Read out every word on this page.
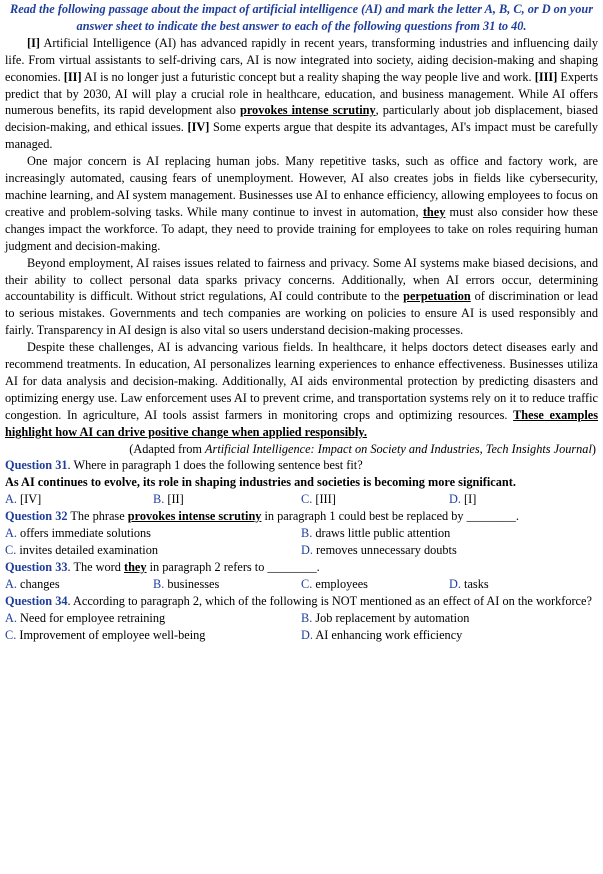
Read the following passage about the impact of artificial intelligence (AI) and mark the letter A, B, C, or D on your answer sheet to indicate the best answer to each of the following questions from 31 to 40.

[I] Artificial Intelligence (AI) has advanced rapidly in recent years, transforming industries and influencing daily life. From virtual assistants to self-driving cars, AI is now integrated into society, aiding decision-making and shaping economies. [II] AI is no longer just a futuristic concept but a reality shaping the way people live and work. [III] Experts predict that by 2030, AI will play a crucial role in healthcare, education, and business management. While AI offers numerous benefits, its rapid development also provokes intense scrutiny, particularly about job displacement, biased decision-making, and ethical issues. [IV] Some experts argue that despite its advantages, AI's impact must be carefully managed.

One major concern is AI replacing human jobs. Many repetitive tasks, such as office and factory work, are increasingly automated, causing fears of unemployment. However, AI also creates jobs in fields like cybersecurity, machine learning, and AI system management. Businesses use AI to enhance efficiency, allowing employees to focus on creative and problem-solving tasks. While many continue to invest in automation, they must also consider how these changes impact the workforce. To adapt, they need to provide training for employees to take on roles requiring human judgment and decision-making.

Beyond employment, AI raises issues related to fairness and privacy. Some AI systems make biased decisions, and their ability to collect personal data sparks privacy concerns. Additionally, when AI errors occur, determining accountability is difficult. Without strict regulations, AI could contribute to the perpetuation of discrimination or lead to serious mistakes. Governments and tech companies are working on policies to ensure AI is used responsibly and fairly. Transparency in AI design is also vital so users understand decision-making processes.

Despite these challenges, AI is advancing various fields. In healthcare, it helps doctors detect diseases early and recommend treatments. In education, AI personalizes learning experiences to enhance effectiveness. Businesses utiliza AI for data analysis and decision-making. Additionally, AI aids environmental protection by predicting disasters and optimizing energy use. Law enforcement uses AI to prevent crime, and transportation systems rely on it to reduce traffic congestion. In agriculture, AI tools assist farmers in monitoring crops and optimizing resources. These examples highlight how AI can drive positive change when applied responsibly.

(Adapted from Artificial Intelligence: Impact on Society and Industries, Tech Insights Journal)

Question 31. Where in paragraph 1 does the following sentence best fit?

As AI continues to evolve, its role in shaping industries and societies is becoming more significant.

A. [IV]	B. [II]	C. [III]	D. [I]

Question 32 The phrase provokes intense scrutiny in paragraph 1 could best be replaced by ________.

A. offers immediate solutions	B. draws little public attention
C. invites detailed examination	D. removes unnecessary doubts

Question 33. The word they in paragraph 2 refers to ________.

A. changes	B. businesses	C. employees	D. tasks

Question 34. According to paragraph 2, which of the following is NOT mentioned as an effect of AI on the workforce?

A. Need for employee retraining	B. Job replacement by automation
C. Improvement of employee well-being	D. AI enhancing work efficiency
